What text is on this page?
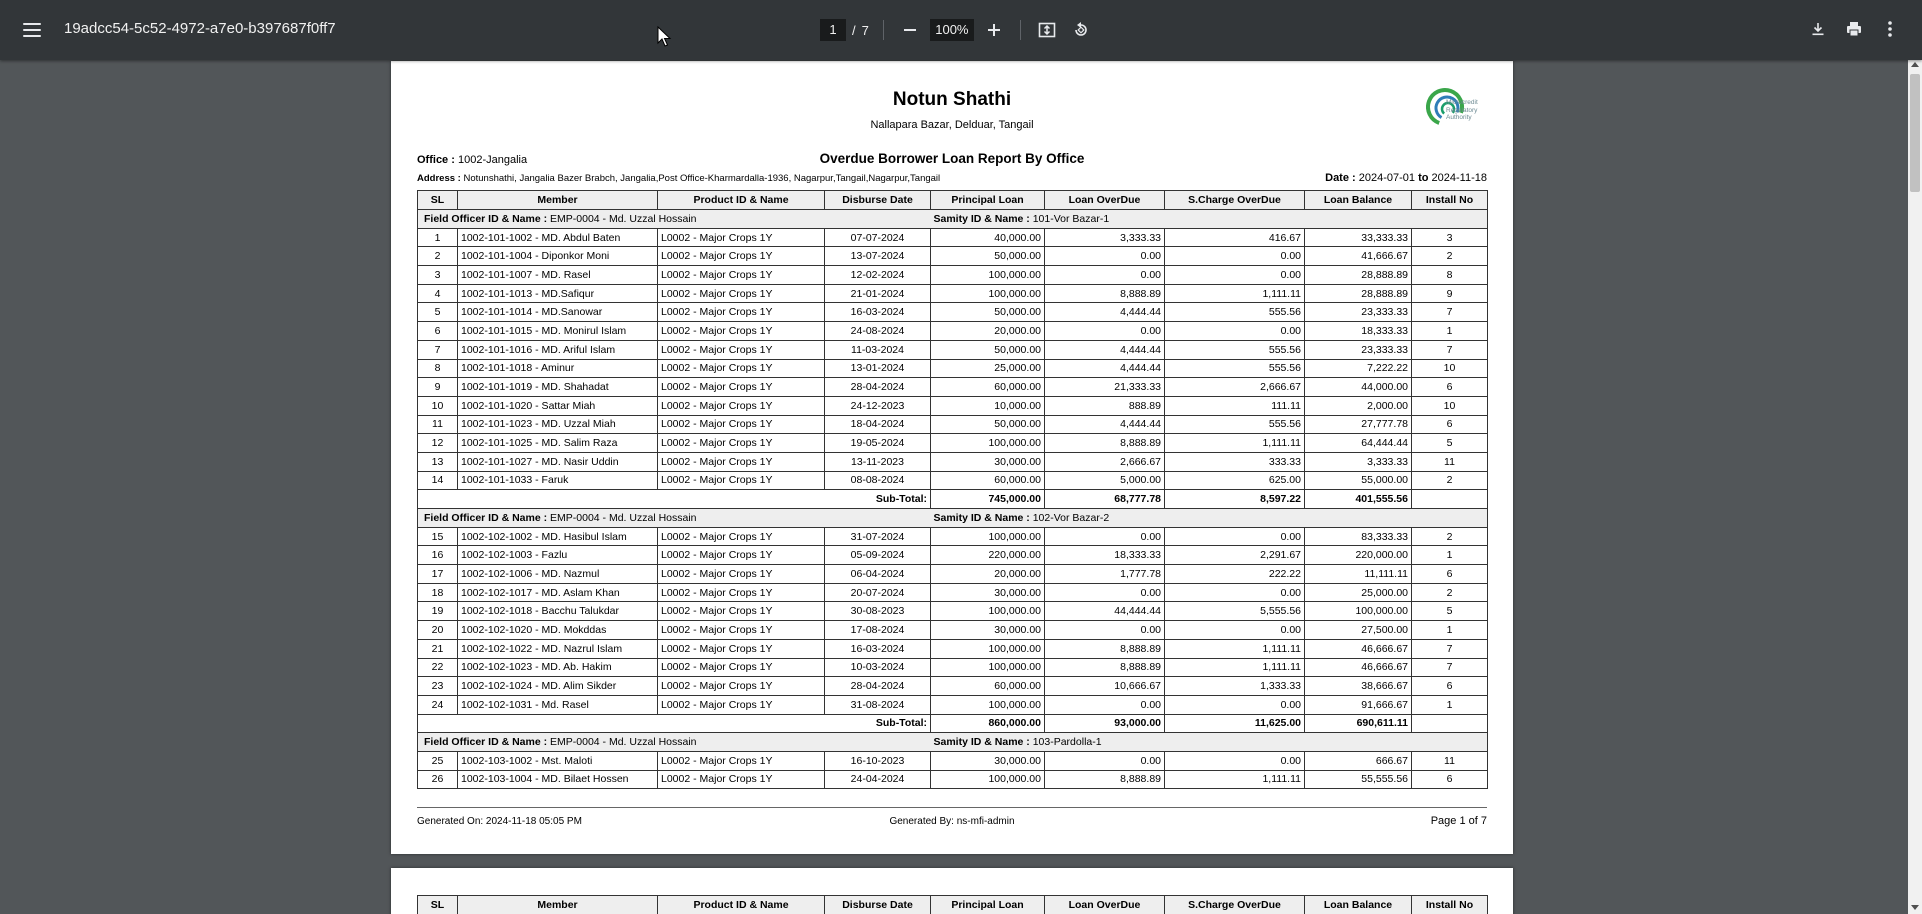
19adcc54-5c52-4972-a7e0-b397687f0ff7	1	/ 7	100%
Notun Shathi
Nallapara Bazar, Delduar, Tangail
Microcredit
Regulatory
Authority
Office : 1002-Jangalia	Overdue Borrower Loan Report By Office
Address : Notunshathi, Jangalia Bazer Brabch, Jangalia,Post Office-Kharmardalla-1936, Nagarpur,Tangail,Nagarpur,Tangail	Date : 2024-07-01 to 2024-11-18
SL	Member	Product ID & Name	Disburse Date	Principal Loan	Loan OverDue	S.Charge OverDue	Loan Balance	Install No
Field Officer ID & Name : EMP-0004 - Md. Uzzal Hossain				Samity ID & Name : 101-Vor Bazar-1				
1	1002-101-1002 - MD. Abdul Baten	L0002 - Major Crops 1Y	07-07-2024	40,000.00	3,333.33	416.67	33,333.33	3
2	1002-101-1004 - Diponkor Moni	L0002 - Major Crops 1Y	13-07-2024	50,000.00	0.00	0.00	41,666.67	2
3	1002-101-1007 - MD. Rasel	L0002 - Major Crops 1Y	12-02-2024	100,000.00	0.00	0.00	28,888.89	8
4	1002-101-1013 - MD.Safiqur	L0002 - Major Crops 1Y	21-01-2024	100,000.00	8,888.89	1,111.11	28,888.89	9
5	1002-101-1014 - MD.Sanowar	L0002 - Major Crops 1Y	16-03-2024	50,000.00	4,444.44	555.56	23,333.33	7
6	1002-101-1015 - MD. Monirul Islam	L0002 - Major Crops 1Y	24-08-2024	20,000.00	0.00	0.00	18,333.33	1
7	1002-101-1016 - MD. Ariful Islam	L0002 - Major Crops 1Y	11-03-2024	50,000.00	4,444.44	555.56	23,333.33	7
8	1002-101-1018 - Aminur	L0002 - Major Crops 1Y	13-01-2024	25,000.00	4,444.44	555.56	7,222.22	10
9	1002-101-1019 - MD. Shahadat	L0002 - Major Crops 1Y	28-04-2024	60,000.00	21,333.33	2,666.67	44,000.00	6
10	1002-101-1020 - Sattar Miah	L0002 - Major Crops 1Y	24-12-2023	10,000.00	888.89	111.11	2,000.00	10
11	1002-101-1023 - MD. Uzzal Miah	L0002 - Major Crops 1Y	18-04-2024	50,000.00	4,444.44	555.56	27,777.78	6
12	1002-101-1025 - MD. Salim Raza	L0002 - Major Crops 1Y	19-05-2024	100,000.00	8,888.89	1,111.11	64,444.44	5
13	1002-101-1027 - MD. Nasir Uddin	L0002 - Major Crops 1Y	13-11-2023	30,000.00	2,666.67	333.33	3,333.33	11
14	1002-101-1033 - Faruk	L0002 - Major Crops 1Y	08-08-2024	60,000.00	5,000.00	625.00	55,000.00	2
Sub-Total:				745,000.00	68,777.78	8,597.22	401,555.56	
Field Officer ID & Name : EMP-0004 - Md. Uzzal Hossain				Samity ID & Name : 102-Vor Bazar-2				
15	1002-102-1002 - MD. Hasibul Islam	L0002 - Major Crops 1Y	31-07-2024	100,000.00	0.00	0.00	83,333.33	2
16	1002-102-1003 - Fazlu	L0002 - Major Crops 1Y	05-09-2024	220,000.00	18,333.33	2,291.67	220,000.00	1
17	1002-102-1006 - MD. Nazmul	L0002 - Major Crops 1Y	06-04-2024	20,000.00	1,777.78	222.22	11,111.11	6
18	1002-102-1017 - MD. Aslam Khan	L0002 - Major Crops 1Y	20-07-2024	30,000.00	0.00	0.00	25,000.00	2
19	1002-102-1018 - Bacchu Talukdar	L0002 - Major Crops 1Y	30-08-2023	100,000.00	44,444.44	5,555.56	100,000.00	5
20	1002-102-1020 - MD. Mokddas	L0002 - Major Crops 1Y	17-08-2024	30,000.00	0.00	0.00	27,500.00	1
21	1002-102-1022 - MD. Nazrul Islam	L0002 - Major Crops 1Y	16-03-2024	100,000.00	8,888.89	1,111.11	46,666.67	7
22	1002-102-1023 - MD. Ab. Hakim	L0002 - Major Crops 1Y	10-03-2024	100,000.00	8,888.89	1,111.11	46,666.67	7
23	1002-102-1024 - MD. Alim Sikder	L0002 - Major Crops 1Y	28-04-2024	60,000.00	10,666.67	1,333.33	38,666.67	6
24	1002-102-1031 - Md. Rasel	L0002 - Major Crops 1Y	31-08-2024	100,000.00	0.00	0.00	91,666.67	1
Sub-Total:				860,000.00	93,000.00	11,625.00	690,611.11	
Field Officer ID & Name : EMP-0004 - Md. Uzzal Hossain				Samity ID & Name : 103-Pardolla-1				
25	1002-103-1002 - Mst. Maloti	L0002 - Major Crops 1Y	16-10-2023	30,000.00	0.00	0.00	666.67	11
26	1002-103-1004 - MD. Bilaet Hossen	L0002 - Major Crops 1Y	24-04-2024	100,000.00	8,888.89	1,111.11	55,555.56	6
Generated On: 2024-11-18 05:05 PM	Generated By: ns-mfi-admin	Page 1 of 7
SL	Member	Product ID & Name	Disburse Date	Principal Loan	Loan OverDue	S.Charge OverDue	Loan Balance	Install No
